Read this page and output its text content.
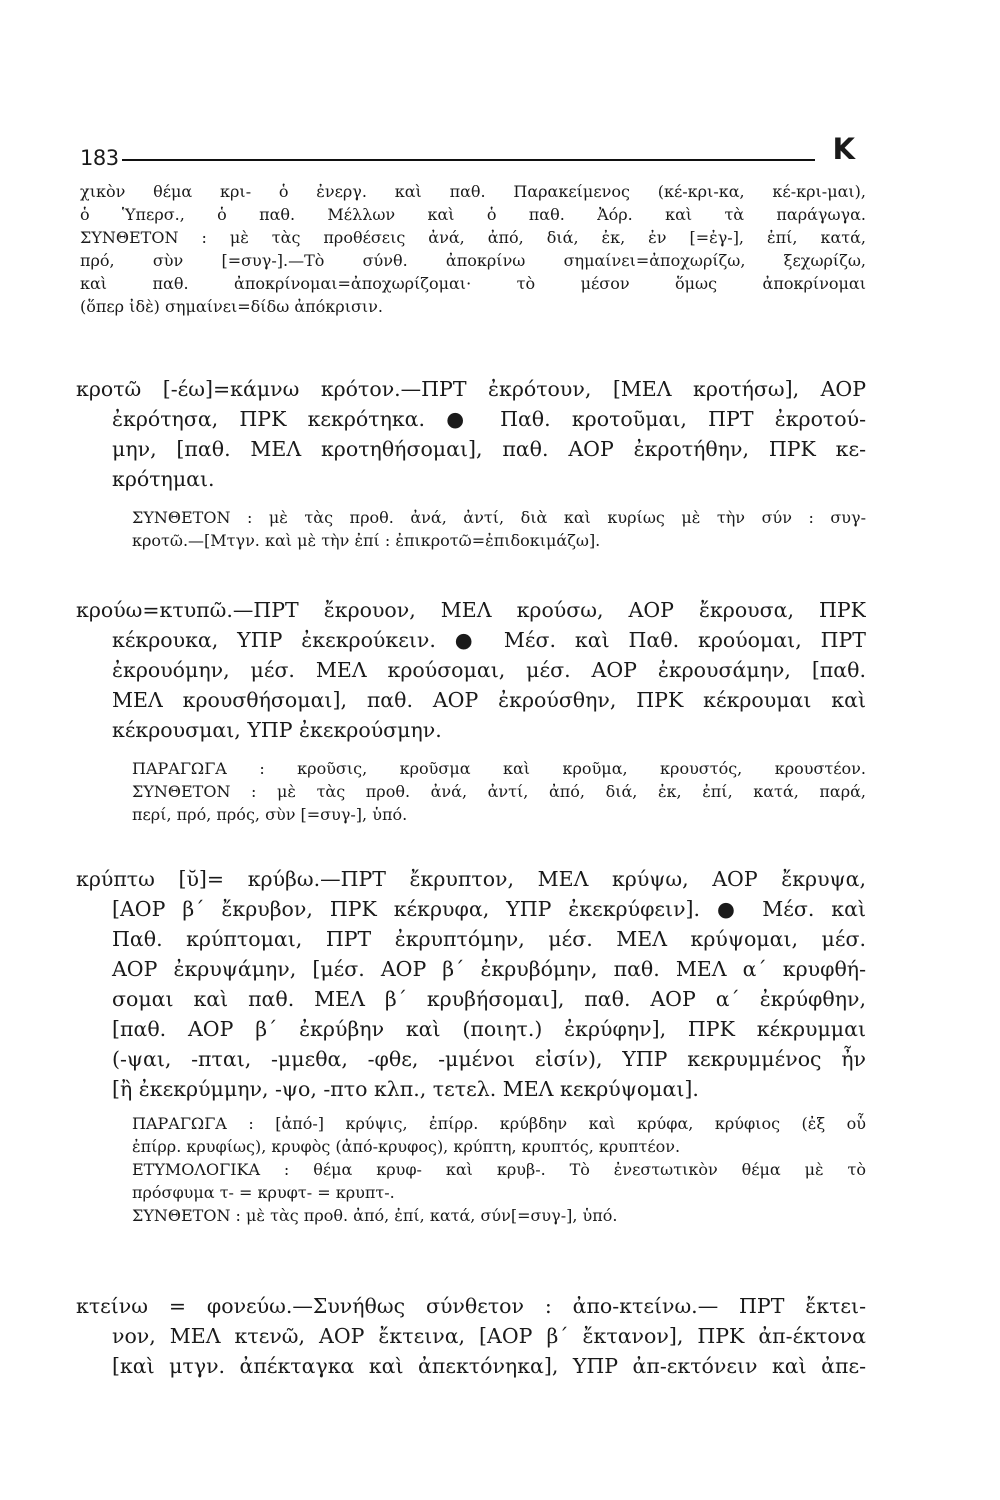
183	Κ
χικὸν θέμα κρι- ὁ ἐνεργ. καὶ παθ. Παρακείμενος (κέ-κρι-κα, κέ-κρι-μαι),
ὁ Ὑπερσ., ὁ παθ. Μέλλων καὶ ὁ παθ. Ἀόρ. καὶ τὰ παράγωγα.
ΣΥΝΘΕΤΟΝ : μὲ τὰς προθέσεις ἀνά, ἀπό, διά, ἐκ, ἐν [=ἐγ-], ἐπί, κατά,
πρό, σὺν [=συγ-].—Τὸ σύνθ. ἀποκρίνω σημαίνει=ἀποχωρίζω, ξεχωρίζω,
καὶ παθ. ἀποκρίνομαι=ἀποχωρίζομαι· τὸ μέσον ὅμως ἀποκρίνομαι
(ὅπερ ἰδὲ) σημαίνει=δίδω ἀπόκρισιν.
κροτῶ [-έω]=κάμνω κρότον.—ΠΡΤ ἐκρότουν, [ΜΕΛ κροτήσω], ΑΟΡ
ἐκρότησα, ΠΡΚ κεκρότηκα. ● Παθ. κροτοῦμαι, ΠΡΤ ἐκροτού-
μην, [παθ. ΜΕΛ κροτηθήσομαι], παθ. ΑΟΡ ἐκροτήθην, ΠΡΚ κε-
κρότημαι.
ΣΥΝΘΕΤΟΝ : μὲ τὰς προθ. ἀνά, ἀντί, διὰ καὶ κυρίως μὲ τὴν σύν : συγ-
κροτῶ.—[Μτγν. καὶ μὲ τὴν ἐπί : ἐπικροτῶ=ἐπιδοκιμάζω].
κρούω=κτυπῶ.—ΠΡΤ ἔκρουον, ΜΕΛ κρούσω, ΑΟΡ ἔκρουσα, ΠΡΚ
κέκρουκα, ΥΠΡ ἐκεκρούκειν. ● Μέσ. καὶ Παθ. κρούομαι, ΠΡΤ
ἐκρουόμην, μέσ. ΜΕΛ κρούσομαι, μέσ. ΑΟΡ ἐκρουσάμην, [παθ.
ΜΕΛ κρουσθήσομαι], παθ. ΑΟΡ ἐκρούσθην, ΠΡΚ κέκρουμαι καὶ
κέκρουσμαι, ΥΠΡ ἐκεκρούσμην.
ΠΑΡΑΓΩΓΑ : κροῦσις, κροῦσμα καὶ κροῦμα, κρουστός, κρουστέον.
ΣΥΝΘΕΤΟΝ : μὲ τὰς προθ. ἀνά, ἀντί, ἀπό, διά, ἐκ, ἐπί, κατά, παρά,
περί, πρό, πρός, σὺν [=συγ-], ὑπό.
κρύπτω [ῠ]= κρύβω.—ΠΡΤ ἔκρυπτον, ΜΕΛ κρύψω, ΑΟΡ ἔκρυψα,
[ΑΟΡ β΄ ἔκρυβον, ΠΡΚ κέκρυφα, ΥΠΡ ἐκεκρύφειν]. ● Μέσ. καὶ
Παθ. κρύπτομαι, ΠΡΤ ἐκρυπτόμην, μέσ. ΜΕΛ κρύψομαι, μέσ.
ΑΟΡ ἐκρυψάμην, [μέσ. ΑΟΡ β΄ ἐκρυβόμην, παθ. ΜΕΛ α΄ κρυφθή-
σομαι καὶ παθ. ΜΕΛ β΄ κρυβήσομαι], παθ. ΑΟΡ α΄ ἐκρύφθην,
[παθ. ΑΟΡ β΄ ἐκρύβην καὶ (ποιητ.) ἐκρύφην], ΠΡΚ κέκρυμμαι
(-ψαι, -πται, -μμεθα, -φθε, -μμένοι εἰσίν), ΥΠΡ κεκρυμμένος ἦν
[ἢ ἐκεκρύμμην, -ψο, -πτο κλπ., τετελ. ΜΕΛ κεκρύψομαι].
ΠΑΡΑΓΩΓΑ : [ἀπό-] κρύψις, ἐπίρρ. κρύβδην καὶ κρύφα, κρύφιος (ἐξ οὗ
ἐπίρρ. κρυφίως), κρυφὸς (ἀπό-κρυφος), κρύπτη, κρυπτός, κρυπτέον.
ΕΤΥΜΟΛΟΓΙΚΑ : θέμα κρυφ- καὶ κρυβ-. Τὸ ἐνεστωτικὸν θέμα μὲ τὸ
πρόσφυμα τ- = κρυφτ- = κρυπτ-.
ΣΥΝΘΕΤΟΝ : μὲ τὰς προθ. ἀπό, ἐπί, κατά, σύν[=συγ-], ὑπό.
κτείνω = φονεύω.—Συνήθως σύνθετον : ἀπο-κτείνω.— ΠΡΤ ἔκτει-
νον, ΜΕΛ κτενῶ, ΑΟΡ ἔκτεινα, [ΑΟΡ β΄ ἔκτανον], ΠΡΚ ἀπ-έκτονα
[καὶ μτγν. ἀπέκταγκα καὶ ἀπεκτόνηκα], ΥΠΡ ἀπ-εκτόνειν καὶ ἀπε-
